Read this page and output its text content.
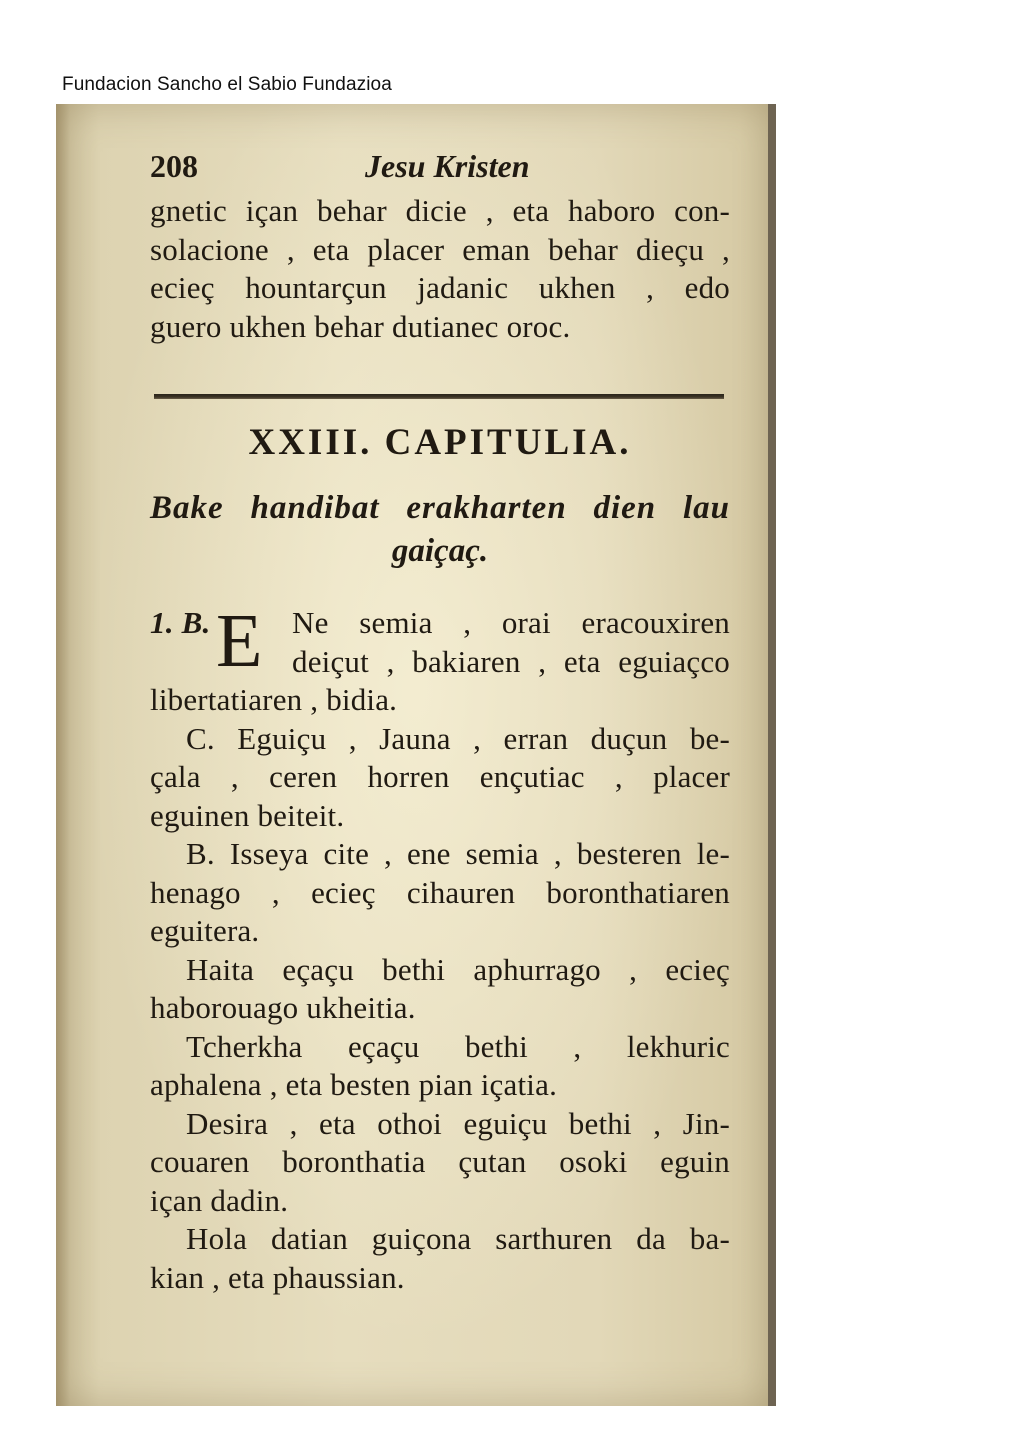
Fundacion Sancho el Sabio Fundazioa
208	Jesu Kristen
gnetic içan behar dicie , eta haboro con-
solacione , eta placer eman behar dieçu ,
ecieç hountarçun jadanic ukhen , edo
guero ukhen behar dutianec oroc.
XXIII. CAPITULIA.
Bake handibat erakharten dien lau
gaiçaç.
E
1. B.	Ne semia , orai eracouxiren
deiçut , bakiaren , eta eguiaçco
libertatiaren , bidia.
C. Eguiçu , Jauna , erran duçun be-
çala , ceren horren ençutiac , placer
eguinen beiteit.
B. Isseya cite , ene semia , besteren le-
henago , ecieç cihauren boronthatiaren
eguitera.
Haita eçaçu bethi aphurrago , ecieç
haborouago ukheitia.
Tcherkha eçaçu bethi , lekhuric
aphalena , eta besten pian içatia.
Desira , eta othoi eguiçu bethi , Jin-
couaren boronthatia çutan osoki eguin
içan dadin.
Hola datian guiçona sarthuren da ba-
kian , eta phaussian.
